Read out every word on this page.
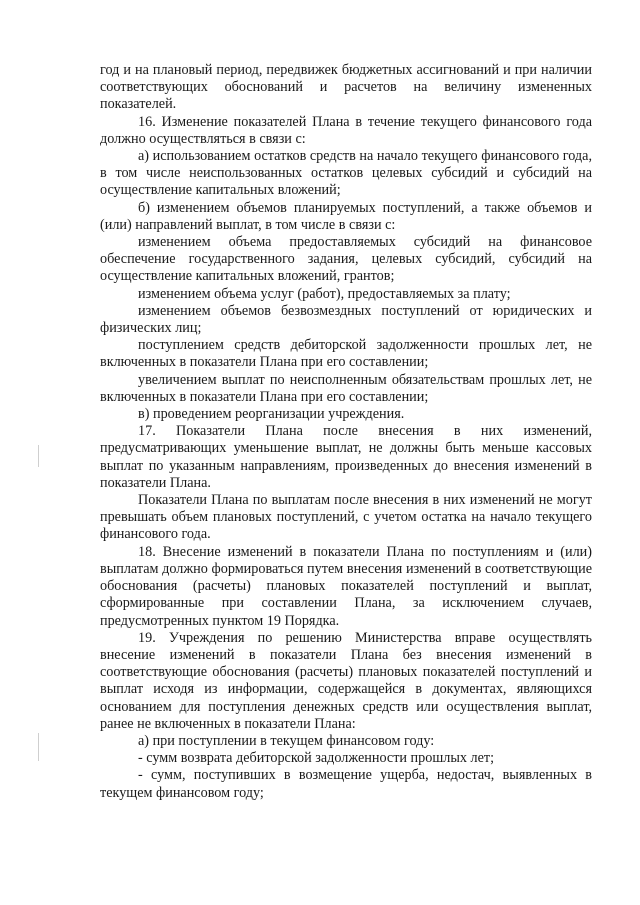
год и на плановый период, передвижек бюджетных ассигнований и при наличии соответствующих обоснований и расчетов на величину измененных показателей.

16. Изменение показателей Плана в течение текущего финансового года должно осуществляться в связи с:

а) использованием остатков средств на начало текущего финансового года, в том числе неиспользованных остатков целевых субсидий и субсидий на осуществление капитальных вложений;

б) изменением объемов планируемых поступлений, а также объемов и (или) направлений выплат, в том числе в связи с:

изменением объема предоставляемых субсидий на финансовое обеспечение государственного задания, целевых субсидий, субсидий на осуществление капитальных вложений, грантов;

изменением объема услуг (работ), предоставляемых за плату;

изменением объемов безвозмездных поступлений от юридических и физических лиц;

поступлением средств дебиторской задолженности прошлых лет, не включенных в показатели Плана при его составлении;

увеличением выплат по неисполненным обязательствам прошлых лет, не включенных в показатели Плана при его составлении;

в) проведением реорганизации учреждения.

17. Показатели Плана после внесения в них изменений, предусматривающих уменьшение выплат, не должны быть меньше кассовых выплат по указанным направлениям, произведенных до внесения изменений в показатели Плана.

Показатели Плана по выплатам после внесения в них изменений не могут превышать объем плановых поступлений, с учетом остатка на начало текущего финансового года.

18. Внесение изменений в показатели Плана по поступлениям и (или) выплатам должно формироваться путем внесения изменений в соответствующие обоснования (расчеты) плановых показателей поступлений и выплат, сформированные при составлении Плана, за исключением случаев, предусмотренных пунктом 19 Порядка.

19. Учреждения по решению Министерства вправе осуществлять внесение изменений в показатели Плана без внесения изменений в соответствующие обоснования (расчеты) плановых показателей поступлений и выплат исходя из информации, содержащейся в документах, являющихся основанием для поступления денежных средств или осуществления выплат, ранее не включенных в показатели Плана:

а) при поступлении в текущем финансовом году:

- сумм возврата дебиторской задолженности прошлых лет;

- сумм, поступивших в возмещение ущерба, недостач, выявленных в текущем финансовом году;
